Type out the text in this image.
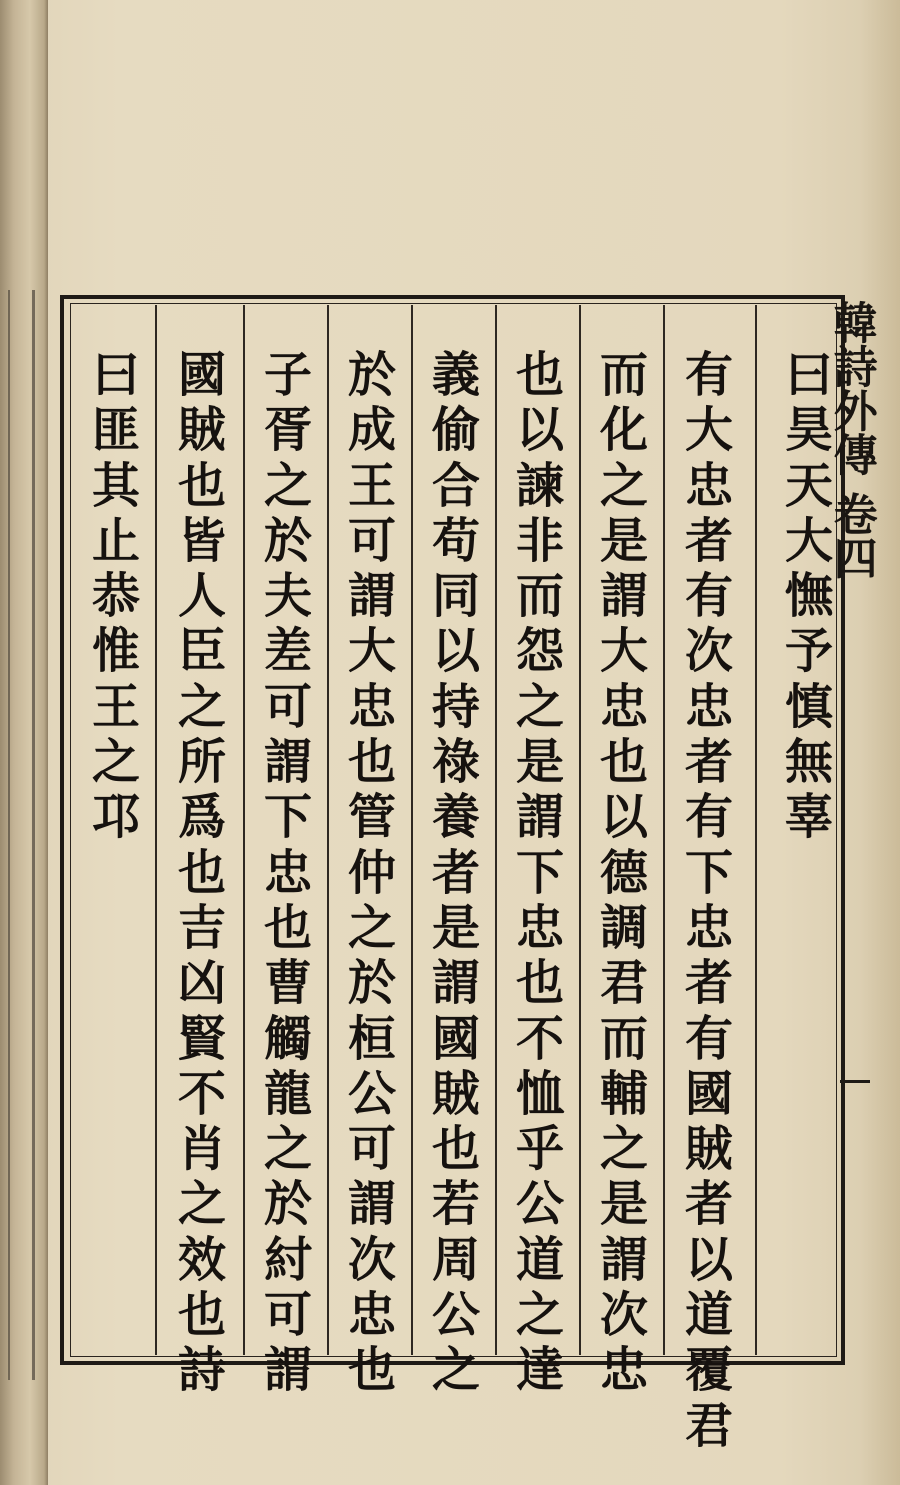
韓詩外傳 卷四
曰
昊
天
大
憮
予
慎
無
辜
有
大
忠
者
有
次
忠
者
有
下
忠
者
有
國
賊
者
以
道
覆
君
而
化
之
是
謂
大
忠
也
以
德
調
君
而
輔
之
是
謂
次
忠
也
以
諫
非
而
怨
之
是
謂
下
忠
也
不
恤
乎
公
道
之
達
義
偷
合
苟
同
以
持
祿
養
者
是
謂
國
賊
也
若
周
公
之
於
成
王
可
謂
大
忠
也
管
仲
之
於
桓
公
可
謂
次
忠
也
子
胥
之
於
夫
差
可
謂
下
忠
也
曹
觸
龍
之
於
紂
可
謂
國
賊
也
皆
人
臣
之
所
爲
也
吉
凶
賢
不
肖
之
效
也
詩
曰
匪
其
止
恭
惟
王
之
邛
